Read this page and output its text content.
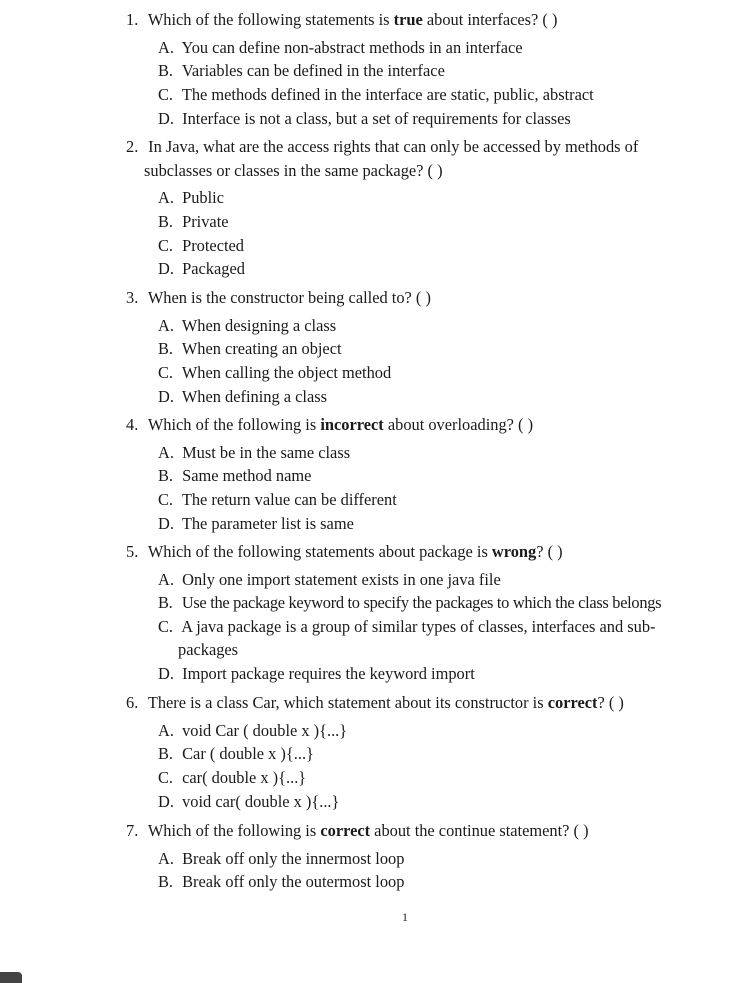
1. Which of the following statements is true about interfaces? ( )

A. You can define non-abstract methods in an interface
B. Variables can be defined in the interface
C. The methods defined in the interface are static, public, abstract
D. Interface is not a class, but a set of requirements for classes

2. In Java, what are the access rights that can only be accessed by methods of
subclasses or classes in the same package? ( )

A. Public
B. Private
C. Protected
D. Packaged

3. When is the constructor being called to? ( )

A. When designing a class
B. When creating an object
C. When calling the object method
D. When defining a class

4. Which of the following is incorrect about overloading? ( )

A. Must be in the same class
B. Same method name
C. The return value can be different
D. The parameter list is same

5. Which of the following statements about package is wrong? ( )

A. Only one import statement exists in one java file
B. Use the package keyword to specify the packages to which the class belongs
C. A java package is a group of similar types of classes, interfaces and sub-
packages
D. Import package requires the keyword import

6. There is a class Car, which statement about its constructor is correct? ( )

A. void Car ( double x ){...}
B. Car ( double x ){...}
C. car( double x ){...}
D. void car( double x ){...}

7. Which of the following is correct about the continue statement? ( )

A. Break off only the innermost loop
B. Break off only the outermost loop
1
